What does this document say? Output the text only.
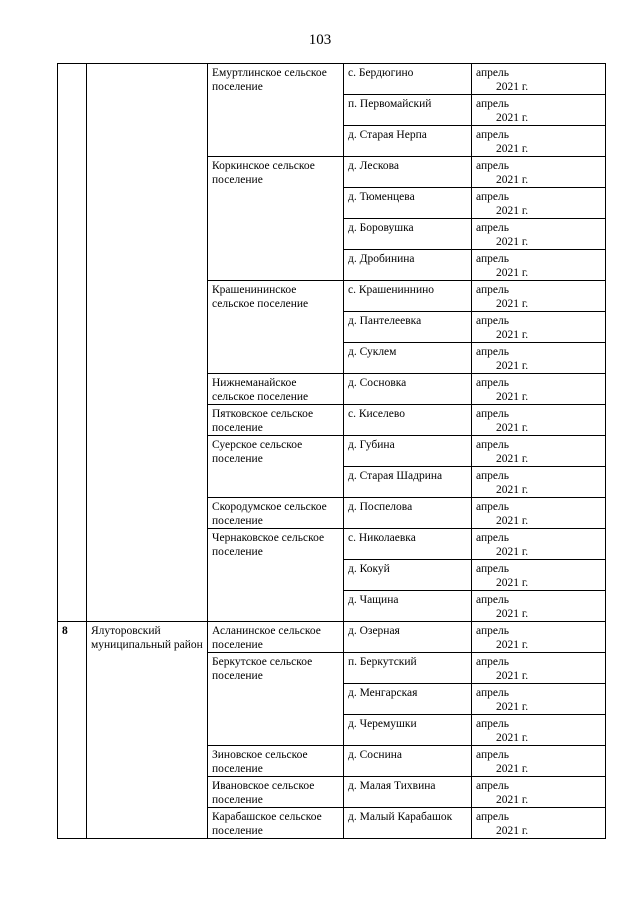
103
		Емуртлинское сельское поселение	с. Бердюгино	апрель
2021 г.

			п. Первомайский	апрель
2021 г.

			д. Старая Нерпа	апрель
2021 г.

		Коркинское сельское поселение	д. Лескова	апрель
2021 г.

			д. Тюменцева	апрель
2021 г.

			д. Боровушка	апрель
2021 г.

			д. Дробинина	апрель
2021 г.

		Крашенининское сельское поселение	с. Крашениннино	апрель
2021 г.

			д. Пантелеевка	апрель
2021 г.

			д. Суклем	апрель
2021 г.

		Нижнеманайское сельское поселение	д. Сосновка	апрель
2021 г.

		Пятковское сельское поселение	с. Киселево	апрель
2021 г.

		Суерское сельское поселение	д. Губина	апрель
2021 г.

			д. Старая Шадрина	апрель
2021 г.

		Скородумское сельское поселение	д. Поспелова	апрель
2021 г.

		Чернаковское сельское поселение	с. Николаевка	апрель
2021 г.

			д. Кокуй	апрель
2021 г.

			д. Чащина	апрель
2021 г.

8	Ялуторовский муниципальный район	Асланинское сельское поселение	д. Озерная	апрель
2021 г.

		Беркутское сельское поселение	п. Беркутский	апрель
2021 г.

			д. Менгарская	апрель
2021 г.

			д. Черемушки	апрель
2021 г.

		Зиновское сельское поселение	д. Соснина	апрель
2021 г.

		Ивановское сельское поселение	д. Малая Тихвина	апрель
2021 г.

		Карабашское сельское поселение	д. Малый Карабашок	апрель
2021 г.
